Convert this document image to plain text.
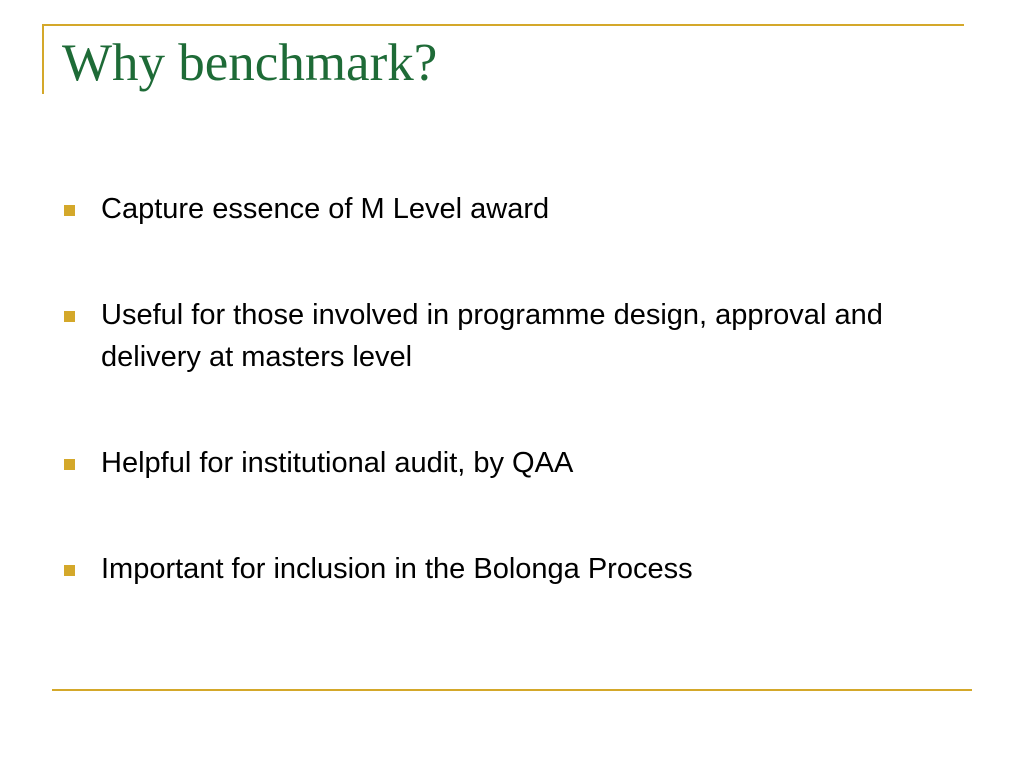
Why benchmark?
Capture essence of M Level award
Useful for those involved in programme design, approval and delivery at masters level
Helpful for institutional audit, by QAA
Important for inclusion in the Bolonga Process
